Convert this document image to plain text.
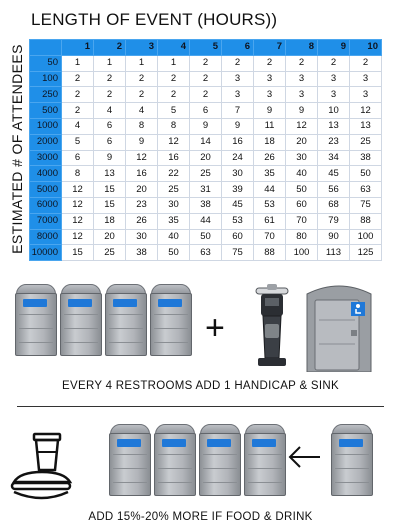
LENGTH OF EVENT (HOURS))
ESTIMATED # OF ATTENDEES
		1	2	3	4	5	6	7	8	9	10
50	1	1	1	1	2	2	2	2	2	2
100	2	2	2	2	2	3	3	3	3	3
250	2	2	2	2	2	3	3	3	3	3
500	2	4	4	5	6	7	9	9	10	12
1000	4	6	8	8	9	9	11	12	13	13
2000	5	6	9	12	14	16	18	20	23	25
3000	6	9	12	16	20	24	26	30	34	38
4000	8	13	16	22	25	30	35	40	45	50
5000	12	15	20	25	31	39	44	50	56	63
6000	12	15	23	30	38	45	53	60	68	75
7000	12	18	26	35	44	53	61	70	79	88
8000	12	20	30	40	50	60	70	80	90	100
10000	15	25	38	50	63	75	88	100	113	125
+
EVERY 4 RESTROOMS ADD 1 HANDICAP & SINK
ADD 15%-20% MORE IF FOOD & DRINK
